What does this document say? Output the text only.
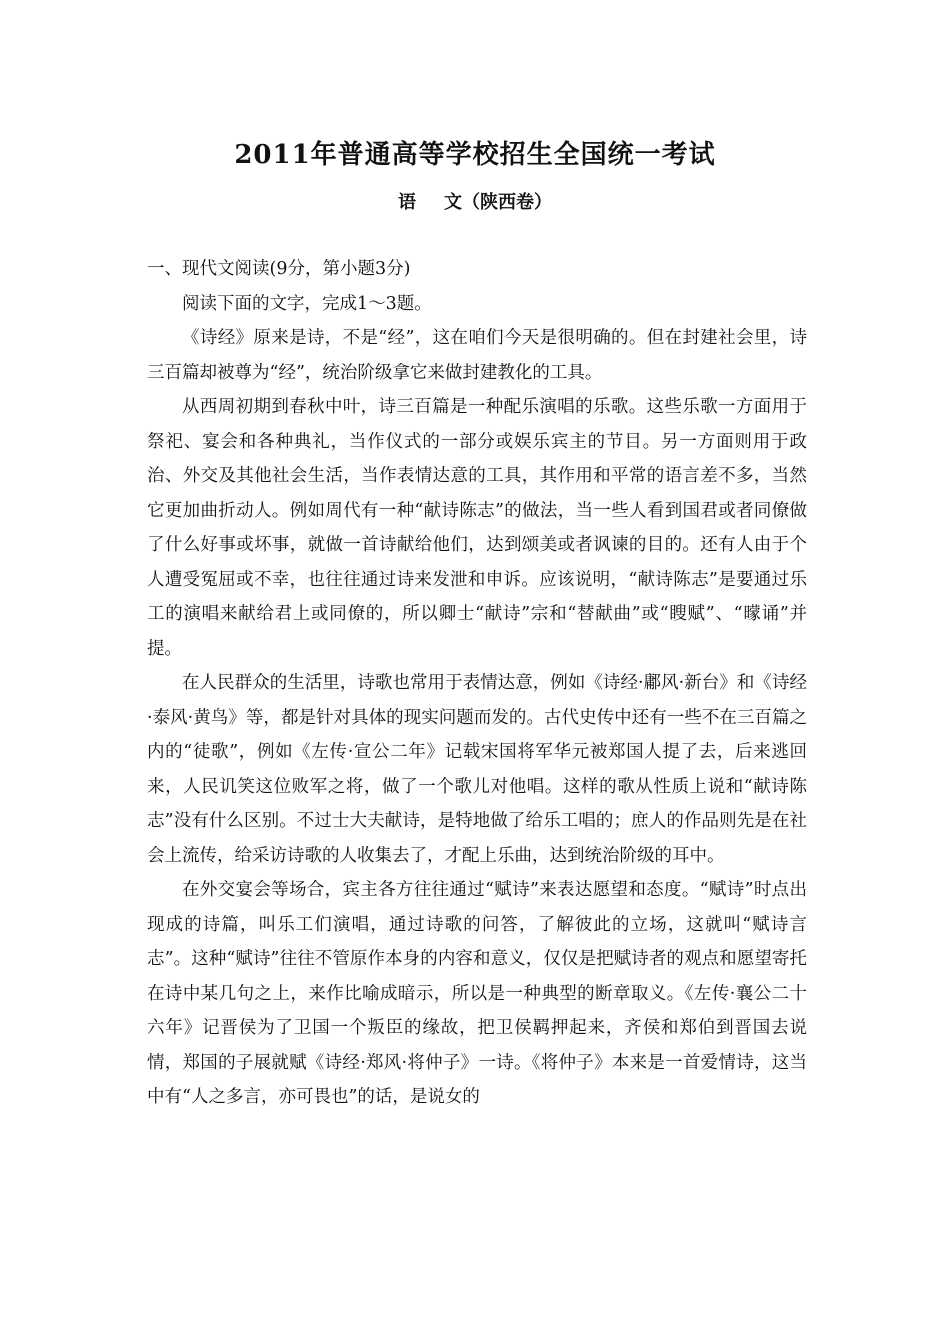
2011年普通高等学校招生全国统一考试
语 文（陕西卷）

一、现代文阅读(9分，第小题3分)

阅读下面的文字，完成1～3题。

《诗经》原来是诗，不是“经”，这在咱们今天是很明确的。但在封建社会里，诗三百篇却被尊为“经”，统治阶级拿它来做封建教化的工具。

从西周初期到春秋中叶，诗三百篇是一种配乐演唱的乐歌。这些乐歌一方面用于祭祀、宴会和各种典礼，当作仪式的一部分或娱乐宾主的节目。另一方面则用于政治、外交及其他社会生活，当作表情达意的工具，其作用和平常的语言差不多，当然它更加曲折动人。例如周代有一种“献诗陈志”的做法，当一些人看到国君或者同僚做了什么好事或坏事，就做一首诗献给他们，达到颂美或者讽谏的目的。还有人由于个人遭受冤屈或不幸，也往往通过诗来发泄和申诉。应该说明，“献诗陈志”是要通过乐工的演唱来献给君上或同僚的，所以卿士“献诗”宗和“替献曲”或“瞍赋”、“曚诵”并提。

在人民群众的生活里，诗歌也常用于表情达意，例如《诗经·鄘风·新台》和《诗经·泰风·黄鸟》等，都是针对具体的现实问题而发的。古代史传中还有一些不在三百篇之内的“徒歌”，例如《左传·宣公二年》记载宋国将军华元被郑国人提了去，后来逃回来，人民讥笑这位败军之将，做了一个歌儿对他唱。这样的歌从性质上说和“献诗陈志”没有什么区别。不过士大夫献诗，是特地做了给乐工唱的；庶人的作品则先是在社会上流传，给采访诗歌的人收集去了，才配上乐曲，达到统治阶级的耳中。

在外交宴会等场合，宾主各方往往通过“赋诗”来表达愿望和态度。“赋诗”时点出现成的诗篇，叫乐工们演唱，通过诗歌的问答，了解彼此的立场，这就叫“赋诗言志”。这种“赋诗”往往不管原作本身的内容和意义，仅仅是把赋诗者的观点和愿望寄托在诗中某几句之上，来作比喻成暗示，所以是一种典型的断章取义。《左传·襄公二十六年》记晋侯为了卫国一个叛臣的缘故，把卫侯羁押起来，齐侯和郑伯到晋国去说情，郑国的子展就赋《诗经·郑风·将仲子》一诗。《将仲子》本来是一首爱情诗，这当中有“人之多言，亦可畏也”的话，是说女的
